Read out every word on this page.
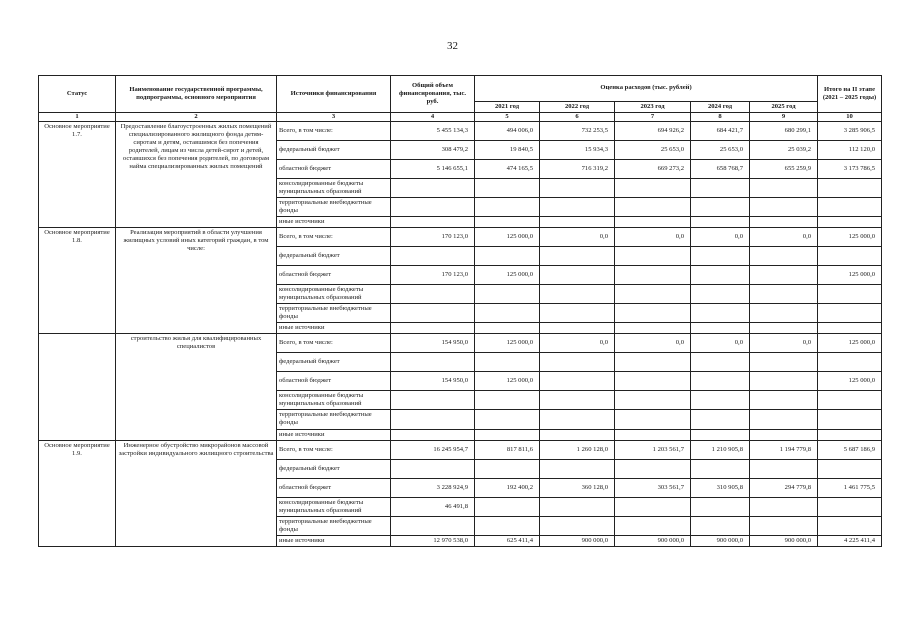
32
Статус	Наименование государственной программы, подпрограммы, основного мероприятия	Источники финансирования	Общий объем финансирования, тыс. руб.	Оценка расходов (тыс. рублей)					Итого на II этапе (2021 – 2025 годы)
				2021 год	2022 год	2023 год	2024 год	2025 год	
1	2	3	4	5	6	7	8	9	10
Основное мероприятие 1.7.	Предоставление благоустроенных жилых помещений специализированного жилищного фонда детям-сиротам и детям, оставшимся без попечения родителей, лицам из числа детей-сирот и детей, оставшихся без попечения родителей, по договорам найма специализированных жилых помещений	Всего, в том числе:	5 455 134,3	494 006,0	732 253,5	694 926,2	684 421,7	680 299,1	3 285 906,5
		федеральный бюджет	308 479,2	19 840,5	15 934,3	25 653,0	25 653,0	25 039,2	112 120,0
		областной бюджет	5 146 655,1	474 165,5	716 319,2	669 273,2	658 768,7	655 259,9	3 173 786,5
		консолидированные бюджеты муниципальных образований							
		территориальные внебюджетные фонды							
		иные источники							
Основное мероприятие 1.8.	Реализация мероприятий в области улучшения жилищных условий иных категорий граждан, в том числе:	Всего, в том числе:	170 123,0	125 000,0	0,0	0,0	0,0	0,0	125 000,0
		федеральный бюджет							
		областной бюджет	170 123,0	125 000,0					125 000,0
		консолидированные бюджеты муниципальных образований							
		территориальные внебюджетные фонды							
		иные источники							
	строительство жилья для квалифицированных специалистов	Всего, в том числе:	154 950,0	125 000,0	0,0	0,0	0,0	0,0	125 000,0
		федеральный бюджет							
		областной бюджет	154 950,0	125 000,0					125 000,0
		консолидированные бюджеты муниципальных образований							
		территориальные внебюджетные фонды							
		иные источники							
Основное мероприятие 1.9.	Инженерное обустройство микрорайонов массовой застройки индивидуального жилищного строительства	Всего, в том числе:	16 245 954,7	817 811,6	1 260 128,0	1 203 561,7	1 210 905,8	1 194 779,8	5 687 186,9
		федеральный бюджет							
		областной бюджет	3 228 924,9	192 400,2	360 128,0	303 561,7	310 905,8	294 779,8	1 461 775,5
		консолидированные бюджеты муниципальных образований	46 491,8						
		территориальные внебюджетные фонды							
		иные источники	12 970 538,0	625 411,4	900 000,0	900 000,0	900 000,0	900 000,0	4 225 411,4
